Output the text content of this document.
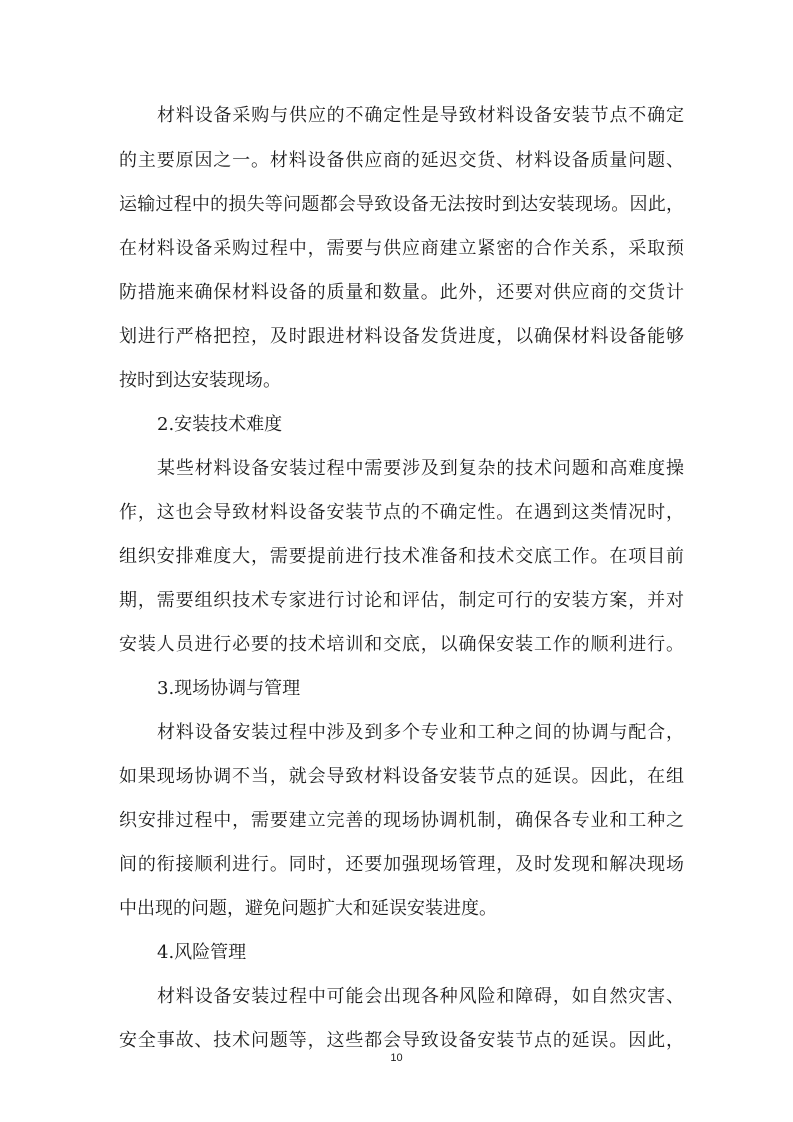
材料设备采购与供应的不确定性是导致材料设备安装节点不确定
的主要原因之一。材料设备供应商的延迟交货、材料设备质量问题、
运输过程中的损失等问题都会导致设备无法按时到达安装现场。因此，
在材料设备采购过程中，需要与供应商建立紧密的合作关系，采取预
防措施来确保材料设备的质量和数量。此外，还要对供应商的交货计
划进行严格把控，及时跟进材料设备发货进度，以确保材料设备能够
按时到达安装现场。
2.安装技术难度
某些材料设备安装过程中需要涉及到复杂的技术问题和高难度操
作，这也会导致材料设备安装节点的不确定性。在遇到这类情况时，
组织安排难度大，需要提前进行技术准备和技术交底工作。在项目前
期，需要组织技术专家进行讨论和评估，制定可行的安装方案，并对
安装人员进行必要的技术培训和交底，以确保安装工作的顺利进行。
3.现场协调与管理
材料设备安装过程中涉及到多个专业和工种之间的协调与配合，
如果现场协调不当，就会导致材料设备安装节点的延误。因此，在组
织安排过程中，需要建立完善的现场协调机制，确保各专业和工种之
间的衔接顺利进行。同时，还要加强现场管理，及时发现和解决现场
中出现的问题，避免问题扩大和延误安装进度。
4.风险管理
材料设备安装过程中可能会出现各种风险和障碍，如自然灾害、
安全事故、技术问题等，这些都会导致设备安装节点的延误。因此，
10
